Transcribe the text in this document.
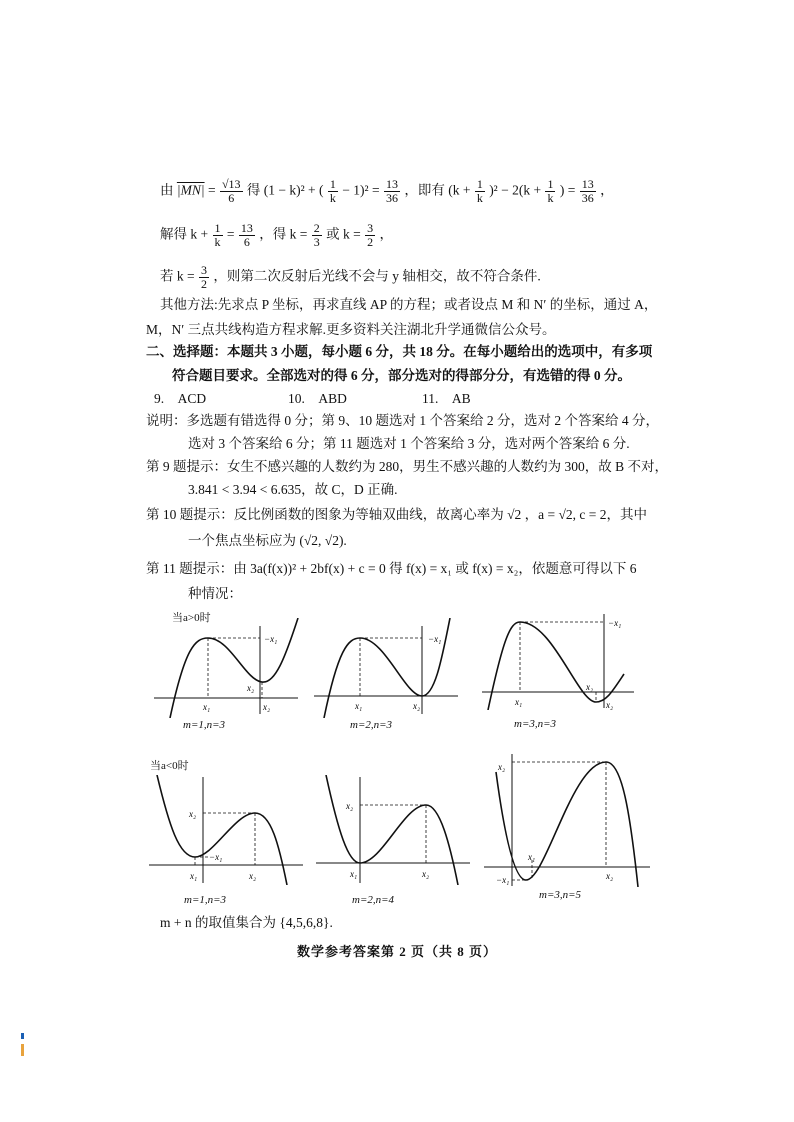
由 $|MN| = \frac{√13}{6}$ 得 (1 − k)² + ( $\frac{1}{k} - 1)^2 = \frac{13}{36}$ ，即有 $(k + \frac{1}{k} )^2 - 2(k + \frac{1}{k}$ ) = $\frac{13}{36}$ ，
解得 $k + \frac{1}{k} = \frac{13}{6}$ ，得 $k = \frac{2}{3}$ 或 $k = \frac{3}{2}$ ，
若 $k = \frac{3}{2}$ ，则第二次反射后光线不会与 y 轴相交，故不符合条件.
其他方法:先求点 P 坐标，再求直线 AP 的方程；或者设点 M 和 N′ 的坐标，通过 A，
M，N′ 三点共线构造方程求解.更多资料关注湖北升学通微信公众号。
二、选择题：本题共 3 小题，每小题 6 分，共 18 分。在每小题给出的选项中，有多项
符合题目要求。全部选对的得 6 分，部分选对的得部分分，有选错的得 0 分。
9.　ACD	10.　ABD	11.　AB
说明：多选题有错选得 0 分；第 9、10 题选对 1 个答案给 2 分，选对 2 个答案给 4 分，
选对 3 个答案给 6 分；第 11 题选对 1 个答案给 3 分，选对两个答案给 6 分.
第 9 题提示：女生不感兴趣的人数约为 280，男生不感兴趣的人数约为 300，故 B 不对，
3.841 < 3.94 < 6.635，故 C，D 正确.
第 10 题提示：反比例函数的图象为等轴双曲线，故离心率为 √2 ，a = √2, c = 2，其中
一个焦点坐标应为 (√2, √2).
第 11 题提示：由 3a(f(x))² + 2bf(x) + c = 0 得 f(x) = x₁ 或 f(x) = x₂，依题意可得以下 6
种情况：
当a>0时
−x₁
x₂
x₁	x₂
m=1,n=3
−x₁
x₁	x₂
m=2,n=3
−x₁
x₂
x₁	x₂
m=3,n=3
当a<0时
x₂
−x₁
x₁	x₂
m=1,n=3
x₂
x₁	x₂
m=2,n=4
x₂
x₁
−x₁	x₂
m=3,n=5
m + n 的取值集合为 {4,5,6,8}.
数学参考答案第 2 页（共 8 页）
